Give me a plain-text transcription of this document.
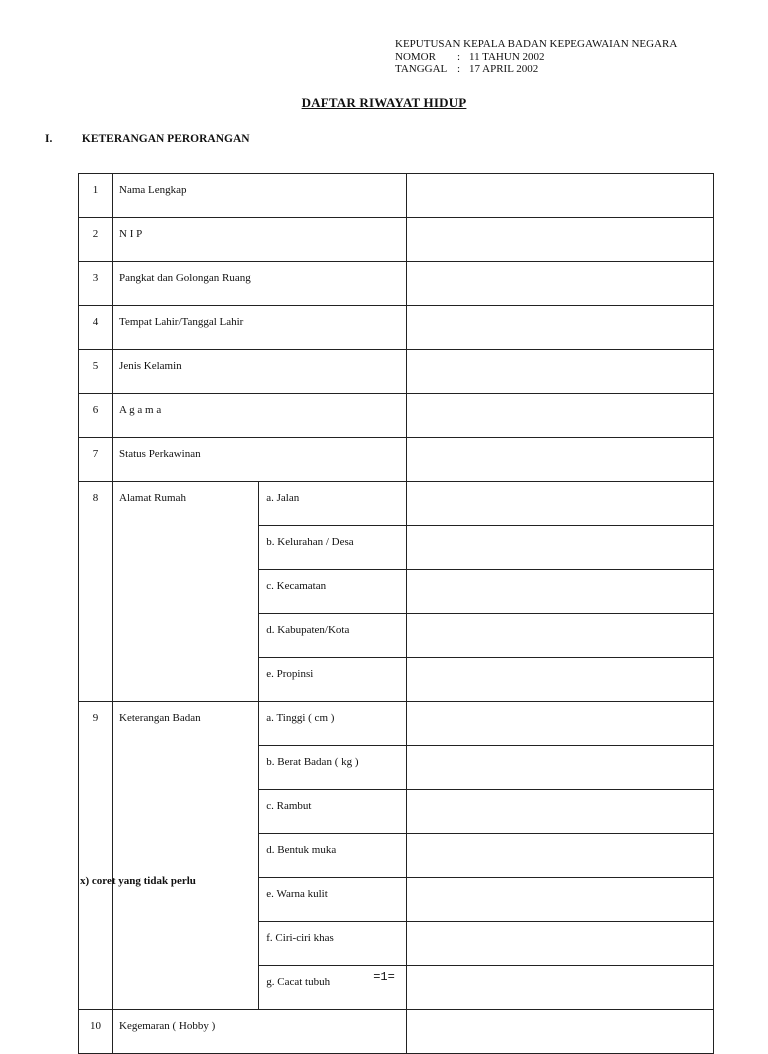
KEPUTUSAN KEPALA BADAN KEPEGAWAIAN NEGARA
NOMOR	: 11 TAHUN 2002
TANGGAL : 17 APRIL 2002
DAFTAR RIWAYAT HIDUP
I.	KETERANGAN PERORANGAN
1	Nama Lengkap		
2	N I P		
3	Pangkat dan Golongan Ruang		
4	Tempat Lahir/Tanggal Lahir		
5	Jenis Kelamin		
6	A g a m a		
7	Status Perkawinan		
8	Alamat Rumah	a. Jalan	
		b. Kelurahan / Desa	
		c. Kecamatan	
		d. Kabupaten/Kota	
		e. Propinsi	
9	Keterangan Badan	a. Tinggi ( cm )	
		b. Berat Badan ( kg )	
		c. Rambut	
		d. Bentuk muka	
		e. Warna kulit	
		f. Ciri-ciri khas	
		g. Cacat tubuh	
10	Kegemaran ( Hobby )		
x) coret yang tidak perlu
=1=
